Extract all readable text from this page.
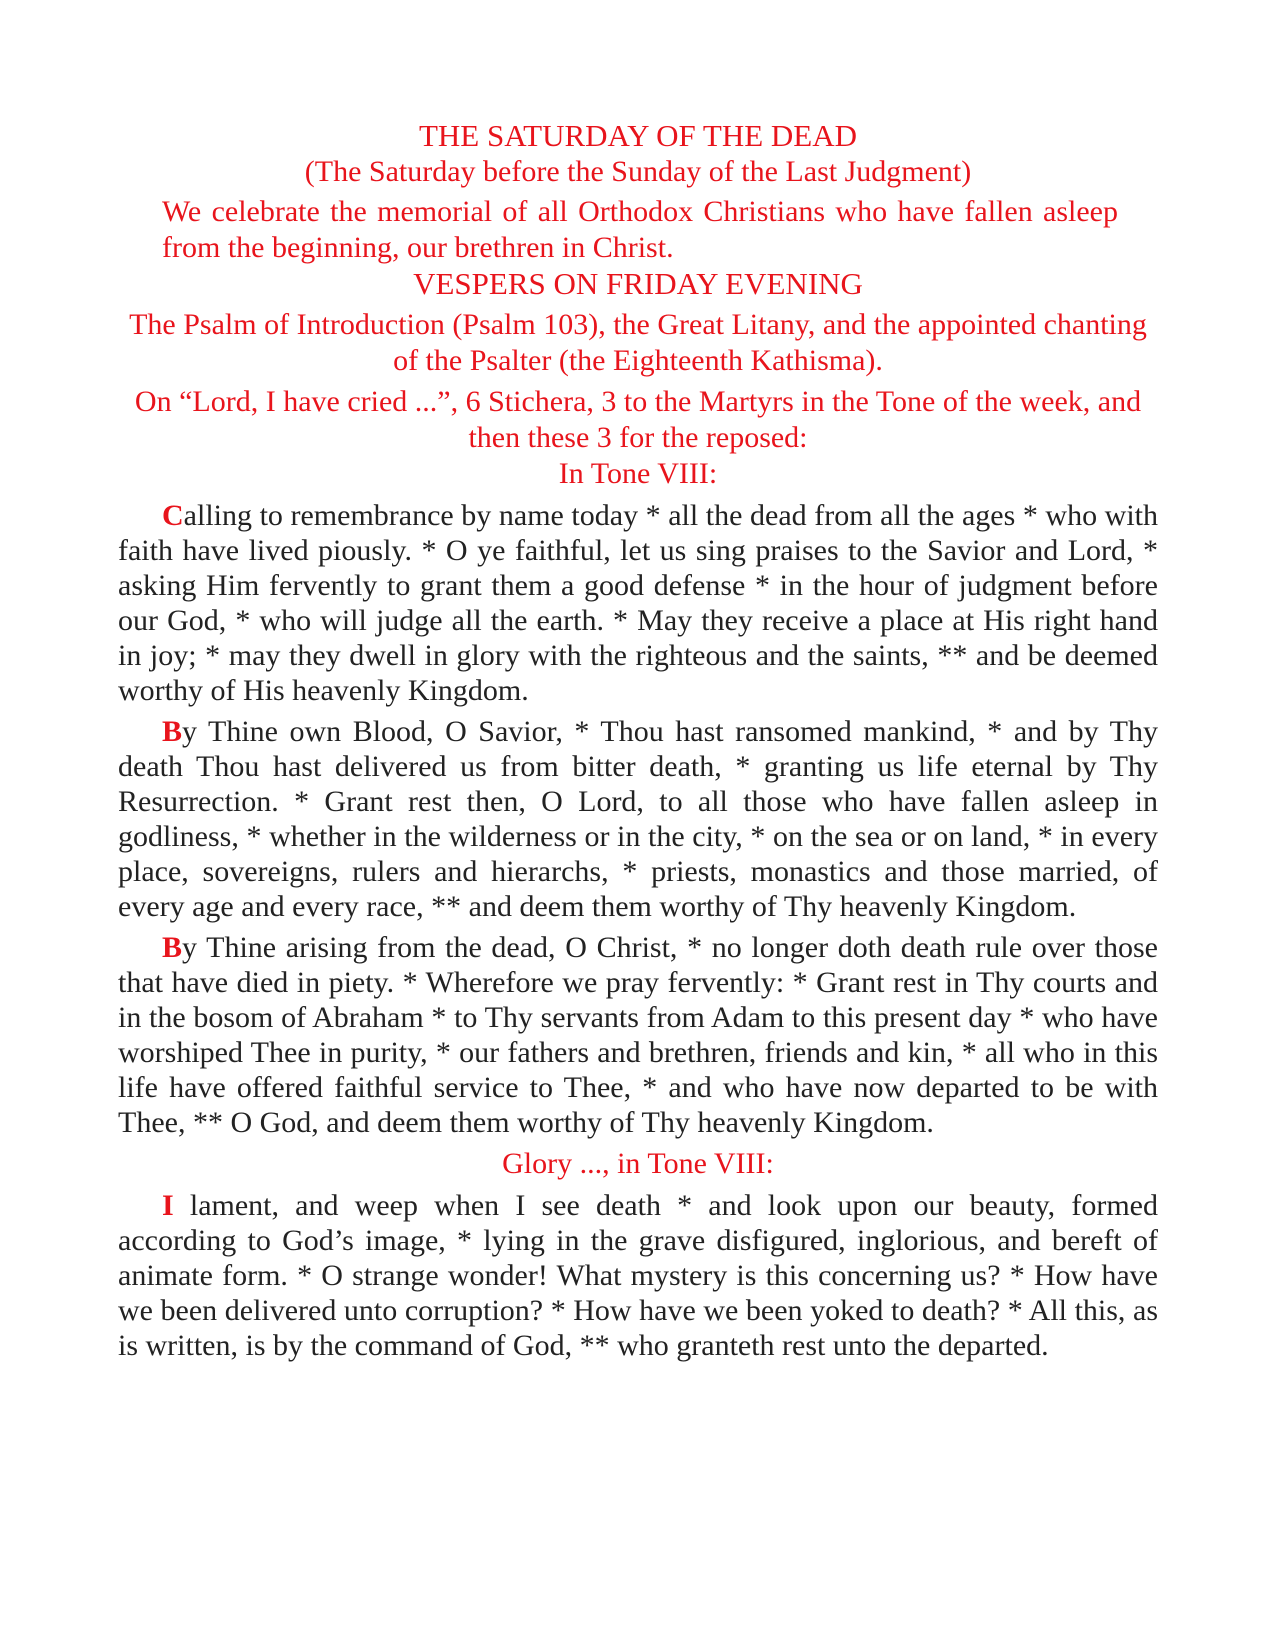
THE SATURDAY OF THE DEAD

(The Saturday before the Sunday of the Last Judgment)

We celebrate the memorial of all Orthodox Christians who have fallen asleep from the beginning, our brethren in Christ.

VESPERS ON FRIDAY EVENING

The Psalm of Introduction (Psalm 103), the Great Litany, and the appointed chanting of the Psalter (the Eighteenth Kathisma).

On “Lord, I have cried ...”, 6 Stichera, 3 to the Martyrs in the Tone of the week, and then these 3 for the reposed:

In Tone VIII:

Calling to remembrance by name today * all the dead from all the ages * who with faith have lived piously. * O ye faithful, let us sing praises to the Savior and Lord, * asking Him fervently to grant them a good defense * in the hour of judgment before our God, * who will judge all the earth. * May they receive a place at His right hand in joy; * may they dwell in glory with the righteous and the saints, ** and be deemed worthy of His heavenly Kingdom.

By Thine own Blood, O Savior, * Thou hast ransomed mankind, * and by Thy death Thou hast delivered us from bitter death, * granting us life eternal by Thy Resurrection. * Grant rest then, O Lord, to all those who have fallen asleep in godliness, * whether in the wilderness or in the city, * on the sea or on land, * in every place, sovereigns, rulers and hierarchs, * priests, monastics and those married, of every age and every race, ** and deem them worthy of Thy heavenly Kingdom.

By Thine arising from the dead, O Christ, * no longer doth death rule over those that have died in piety. * Wherefore we pray fervently: * Grant rest in Thy courts and in the bosom of Abraham * to Thy servants from Adam to this present day * who have worshiped Thee in purity, * our fathers and brethren, friends and kin, * all who in this life have offered faithful service to Thee, * and who have now departed to be with Thee, ** O God, and deem them worthy of Thy heavenly Kingdom.

Glory ..., in Tone VIII:

I lament, and weep when I see death * and look upon our beauty, formed according to God’s image, * lying in the grave disfigured, inglorious, and bereft of animate form. * O strange wonder! What mystery is this concerning us? * How have we been delivered unto corruption? * How have we been yoked to death? * All this, as is written, is by the command of God, ** who granteth rest unto the departed.
